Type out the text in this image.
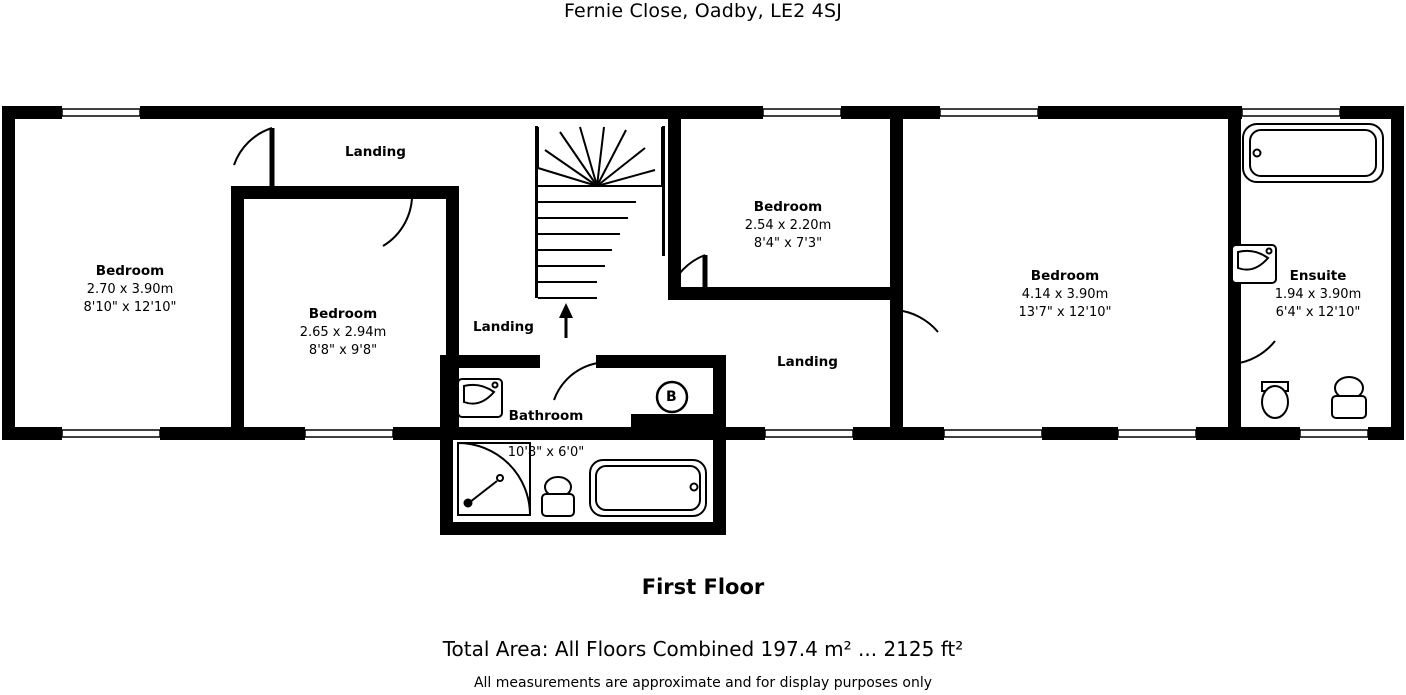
Fernie Close, Oadby, LE2 4SJ
Landing
Landing
Landing
B
Bedroom
2.70 x 3.90m
8'10" x 12'10"	Bedroom
2.65 x 2.94m
8'8" x 9'8"
Bedroom
2.54 x 2.20m
8'4" x 7'3"
Bedroom
4.14 x 3.90m
13'7" x 12'10"
Ensuite
1.94 x 3.90m
6'4" x 12'10"
Bathroom
3.24 x 1.83m
10'8" x 6'0"
First Floor
Total Area: All Floors Combined 197.4 m² ... 2125 ft²
All measurements are approximate and for display purposes only
